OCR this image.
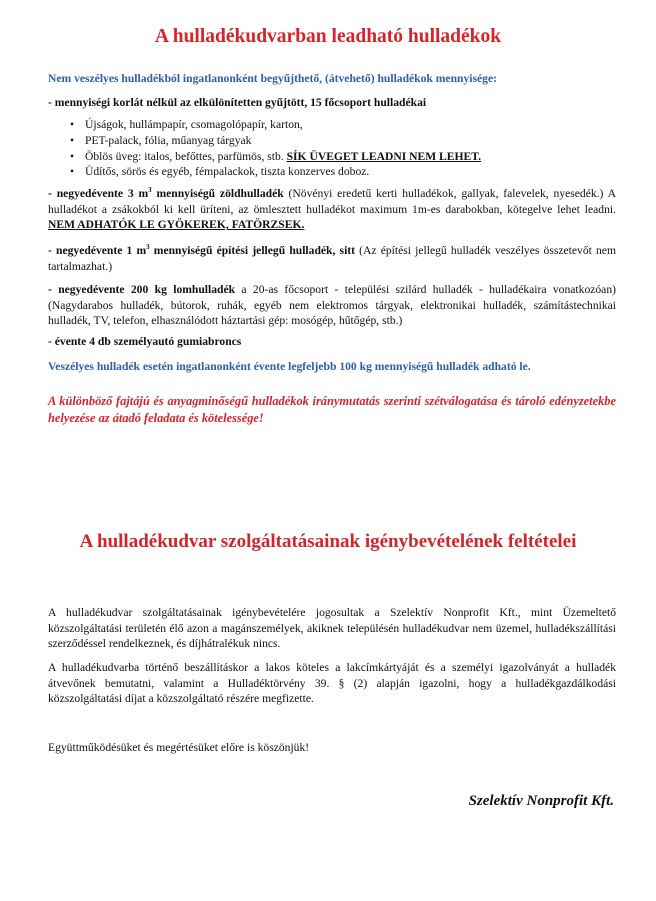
A hulladékudvarban leadható hulladékok
Nem veszélyes hulladékból ingatlanonként begyűjthető, (átvehető) hulladékok mennyisége:
- mennyiségi korlát nélkül az elkülönítetten gyűjtött, 15 főcsoport hulladékai
• Újságok, hullámpapír, csomagolópapír, karton,
• PET-palack, fólia, műanyag tárgyak
• Öblös üveg: italos, befőttes, parfümös, stb. SÍK ÜVEGET LEADNI NEM LEHET.
• Üdítős, sörös és egyéb, fémpalackok, tiszta konzerves doboz.
- negyedévente 3 $m^3$ mennyiségű zöldhulladék (Növényi eredetű kerti hulladékok, gallyak, falevelek, nyesedék.) A hulladékot a zsákokból ki kell üríteni, az ömlesztett hulladékot maximum 1m-es darabokban, kötegelve lehet leadni. NEM ADHATÓK LE GYÖKEREK, FATÖRZSEK.
- negyedévente 1 $m^3$ mennyiségű építési jellegű hulladék, sitt (Az építési jellegű hulladék veszélyes összetevőt nem tartalmazhat.)
- negyedévente 200 kg lomhulladék a 20-as főcsoport - települési szilárd hulladék - hulladékaira vonatkozóan) (Nagydarabos hulladék, bútorok, ruhák, egyéb nem elektromos tárgyak, elektronikai hulladék, számítástechnikai hulladék, TV, telefon, elhasználódott háztartási gép: mosógép, hűtőgép, stb.)
- évente 4 db személyautó gumiabroncs
Veszélyes hulladék esetén ingatlanonként évente legfeljebb 100 kg mennyiségű hulladék adható le.
A különböző fajtájú és anyagminőségű hulladékok iránymutatás szerinti szétválogatása és tároló edényzetekbe helyezése az átadó feladata és kötelessége!
A hulladékudvar szolgáltatásainak igénybevételének feltételei
A hulladékudvar szolgáltatásainak igénybevételére jogosultak a Szelektív Nonprofit Kft., mint Üzemeltető közszolgáltatási területén élő azon a magánszemélyek, akiknek településén hulladékudvar nem üzemel, hulladékszállítási szerződéssel rendelkeznek, és díjhátralékuk nincs.
A hulladékudvarba történő beszállításkor a lakos köteles a lakcímkártyáját és a személyi igazolványát a hulladék átvevőnek bemutatni, valamint a Hulladéktörvény 39. § (2) alapján igazolni, hogy a hulladékgazdálkodási közszolgáltatási díjat a közszolgáltató részére megfizette.
Együttműködésüket és megértésüket előre is köszönjük!
Szelektív Nonprofit Kft.
